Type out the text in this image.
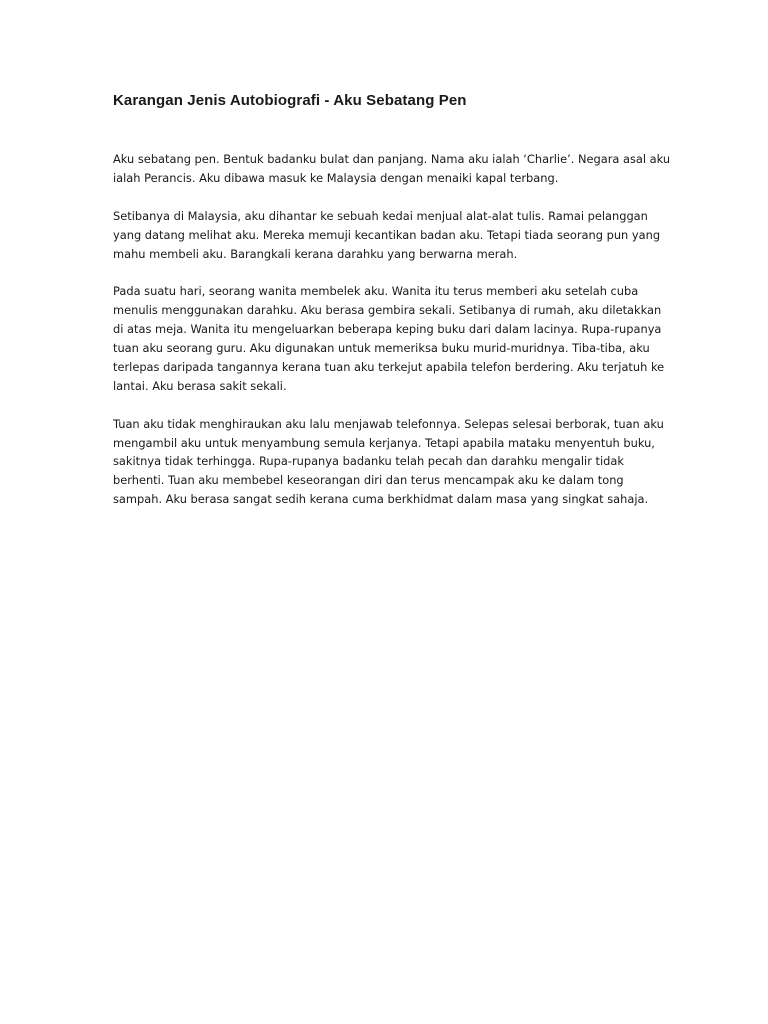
Karangan Jenis Autobiografi - Aku Sebatang Pen

Aku sebatang pen. Bentuk badanku bulat dan panjang. Nama aku ialah ‘Charlie’. Negara asal aku
ialah Perancis. Aku dibawa masuk ke Malaysia dengan menaiki kapal terbang.

Setibanya di Malaysia, aku dihantar ke sebuah kedai menjual alat-alat tulis. Ramai pelanggan
yang datang melihat aku. Mereka memuji kecantikan badan aku. Tetapi tiada seorang pun yang
mahu membeli aku. Barangkali kerana darahku yang berwarna merah.

Pada suatu hari, seorang wanita membelek aku. Wanita itu terus memberi aku setelah cuba
menulis menggunakan darahku. Aku berasa gembira sekali. Setibanya di rumah, aku diletakkan
di atas meja. Wanita itu mengeluarkan beberapa keping buku dari dalam lacinya. Rupa-rupanya
tuan aku seorang guru. Aku digunakan untuk memeriksa buku murid-muridnya. Tiba-tiba, aku
terlepas daripada tangannya kerana tuan aku terkejut apabila telefon berdering. Aku terjatuh ke
lantai. Aku berasa sakit sekali.

Tuan aku tidak menghiraukan aku lalu menjawab telefonnya. Selepas selesai berborak, tuan aku
mengambil aku untuk menyambung semula kerjanya. Tetapi apabila mataku menyentuh buku,
sakitnya tidak terhingga. Rupa-rupanya badanku telah pecah dan darahku mengalir tidak
berhenti. Tuan aku membebel keseorangan diri dan terus mencampak aku ke dalam tong
sampah. Aku berasa sangat sedih kerana cuma berkhidmat dalam masa yang singkat sahaja.
